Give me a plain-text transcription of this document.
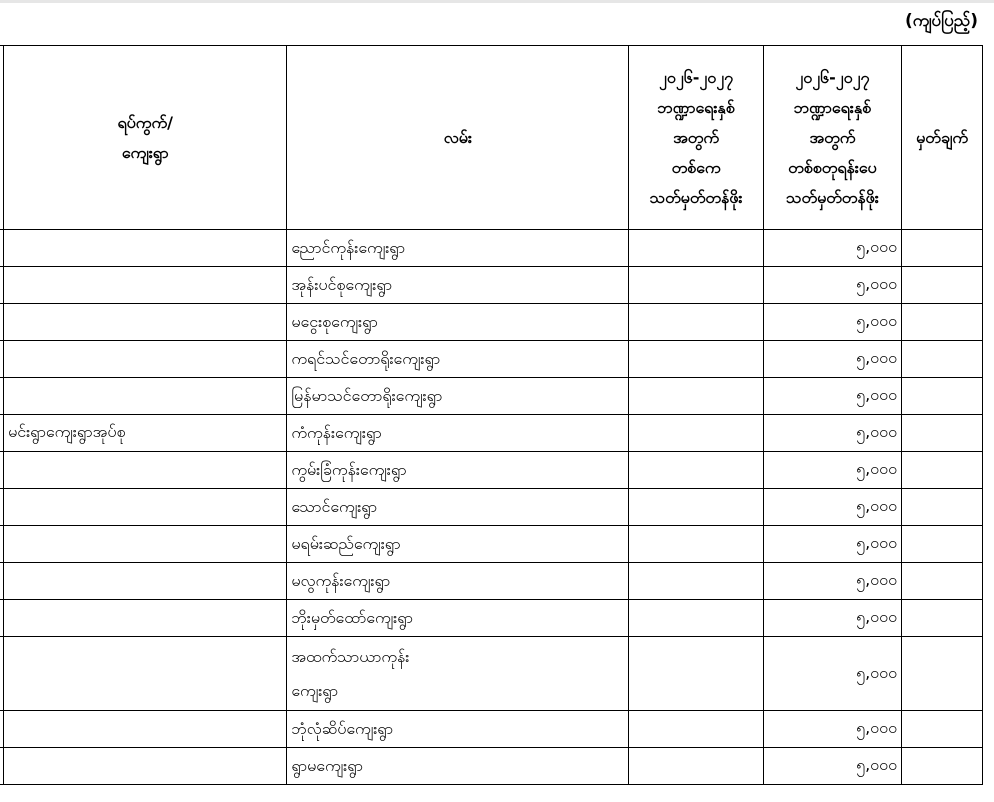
(ကျပ်ပြည့်)
	ရပ်ကွက်/
ကျေးရွာ	လမ်း	၂၀၂၆-၂၀၂၇
ဘဏ္ဍာရေးနှစ်
အတွက်
တစ်ကေ
သတ်မှတ်တန်ဖိုး	၂၀၂၆-၂၀၂၇
ဘဏ္ဍာရေးနှစ်
အတွက်
တစ်စတုရန်းပေ
သတ်မှတ်တန်ဖိုး	မှတ်ချက်
		ညောင်ကုန်းကျေးရွာ		၅,၀၀၀	
		အုန်းပင်စုကျေးရွာ		၅,၀၀၀	
		မငွေးစုကျေးရွာ		၅,၀၀၀	
		ကရင်သင်တောရိုးကျေးရွာ		၅,၀၀၀	
		မြန်မာသင်တောရိုးကျေးရွာ		၅,၀၀၀	
	မင်းရွာကျေးရွာအုပ်စု	ကံကုန်းကျေးရွာ		၅,၀၀၀	
		ကွမ်းခြံကုန်းကျေးရွာ		၅,၀၀၀	
		သောင်ကျေးရွာ		၅,၀၀၀	
		မရမ်းဆည်ကျေးရွာ		၅,၀၀၀	
		မလွကုန်းကျေးရွာ		၅,၀၀၀	
		ဘိုးမှတ်ထော်ကျေးရွာ		၅,၀၀၀	
		အထက်သာယာကုန်း
ကျေးရွာ		၅,၀၀၀	
		ဘုံလုံဆိပ်ကျေးရွာ		၅,၀၀၀	
		ရွာမကျေးရွာ		၅,၀၀၀	
